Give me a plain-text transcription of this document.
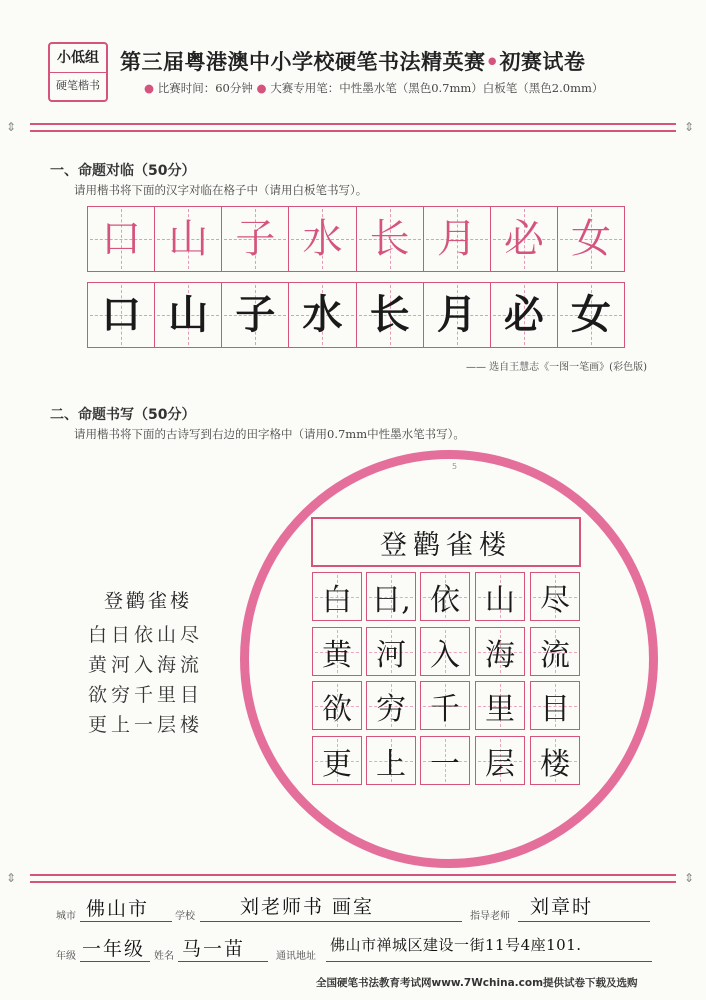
小低组
硬笔楷书
第三届粤港澳中小学校硬笔书法精英赛•初赛试卷
● 比赛时间：60分钟 ● 大赛专用笔：中性墨水笔（黑色0.7mm）白板笔（黑色2.0mm）
⇕	⇕
一、命题对临（50分）
请用楷书将下面的汉字对临在格子中（请用白板笔书写）。
口 山 子 水 长 月 必 女
口 山 子 水 长 月 必 女
—— 选自王慧志《一图一笔画》(彩色版)
二、命题书写（50分）
请用楷书将下面的古诗写到右边的田字格中（请用0.7mm中性墨水笔书写）。
登鹳雀楼
白日依山尽
黄河入海流
欲穷千里目
更上一层楼
5
登鹳雀楼
白 日, 依 山 尽
黄 河 入 海 流
欲 穷 千 里 目
更 上 一 层 楼
⇕	⇕
城市 佛山市	学校 刘老师书 画室	指导老师 刘章时
年级 一年级 姓名 马一苗	通讯地址
佛山市禅城区建设一街11号4座101.
全国硬笔书法教育考试网www.7Wchina.com提供试卷下载及选购
